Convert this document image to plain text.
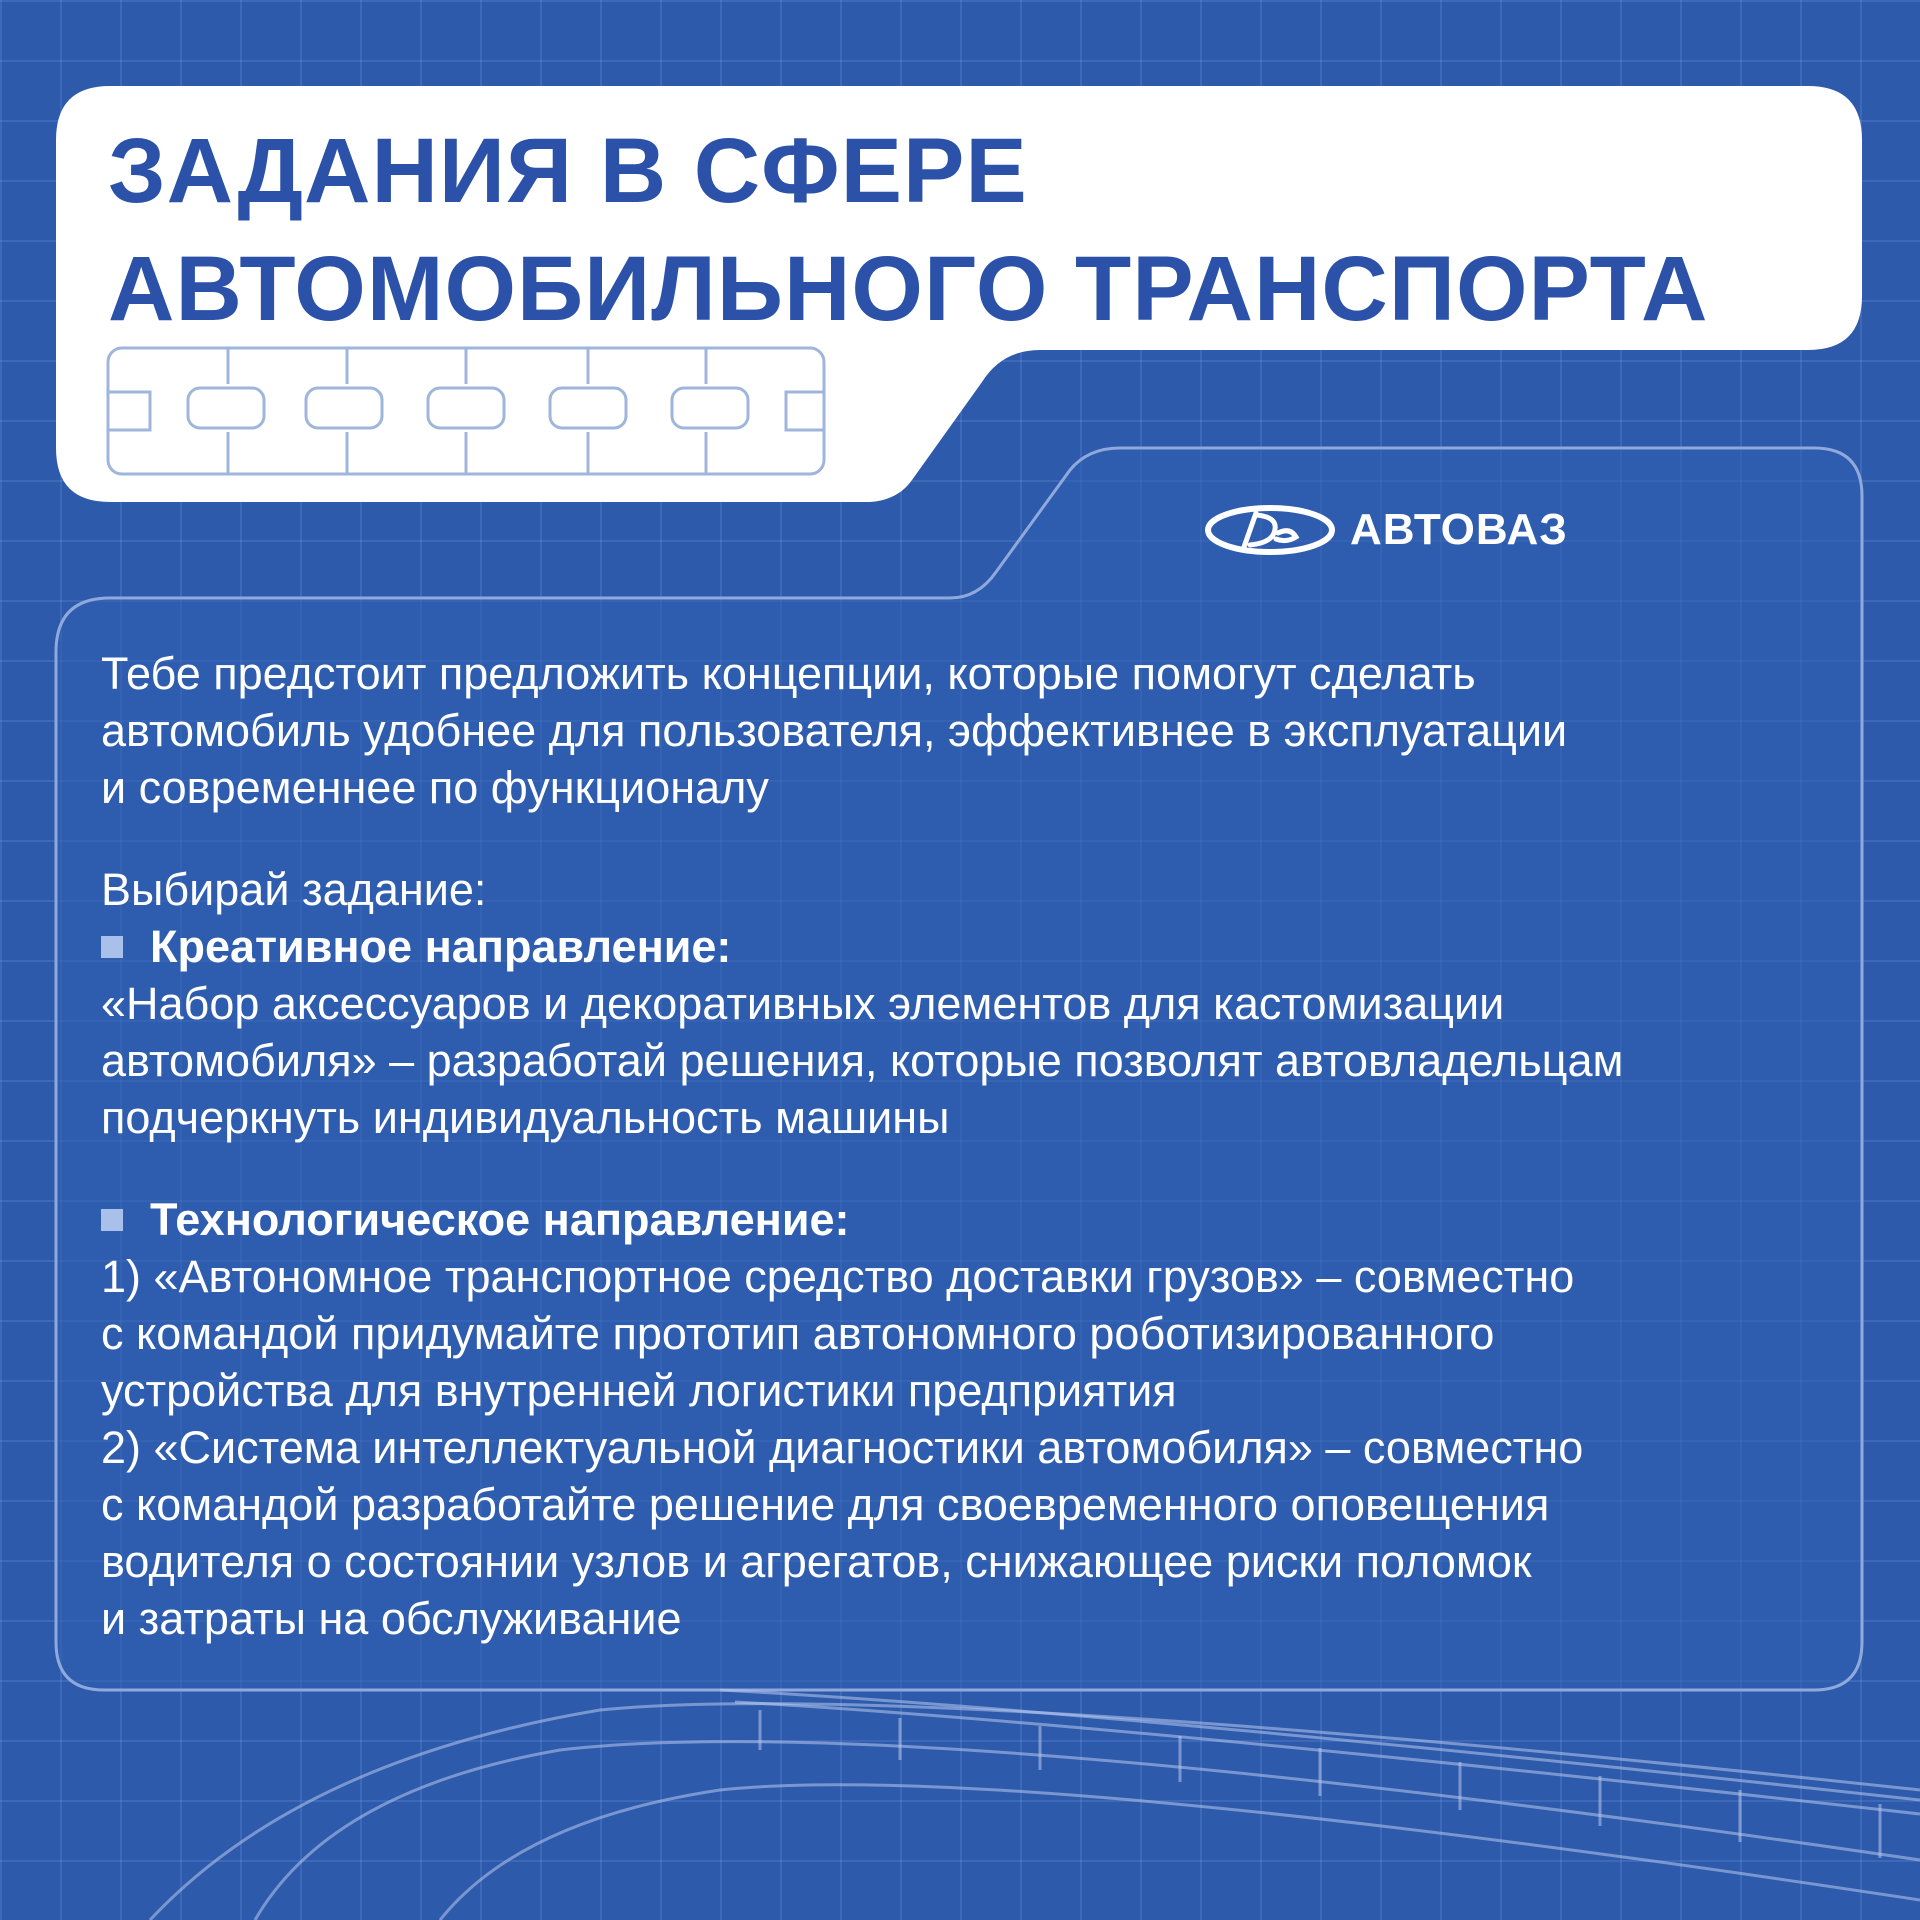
ЗАДАНИЯ В СФЕРЕ
АВТОМОБИЛЬНОГО ТРАНСПОРТА
АВТОВАЗ

Тебе предстоит предложить концепции, которые помогут сделать

автомобиль удобнее для пользователя, эффективнее в эксплуатации

и современнее по функционалу

Выбирай задание:

Креативное направление:

«Набор аксессуаров и декоративных элементов для кастомизации

автомобиля» – разработай решения, которые позволят автовладельцам

подчеркнуть индивидуальность машины

Технологическое направление:

1) «Автономное транспортное средство доставки грузов» – совместно

с командой придумайте прототип автономного роботизированного

устройства для внутренней логистики предприятия

2) «Система интеллектуальной диагностики автомобиля» – совместно

с командой разработайте решение для своевременного оповещения

водителя о состоянии узлов и агрегатов, снижающее риски поломок

и затраты на обслуживание
